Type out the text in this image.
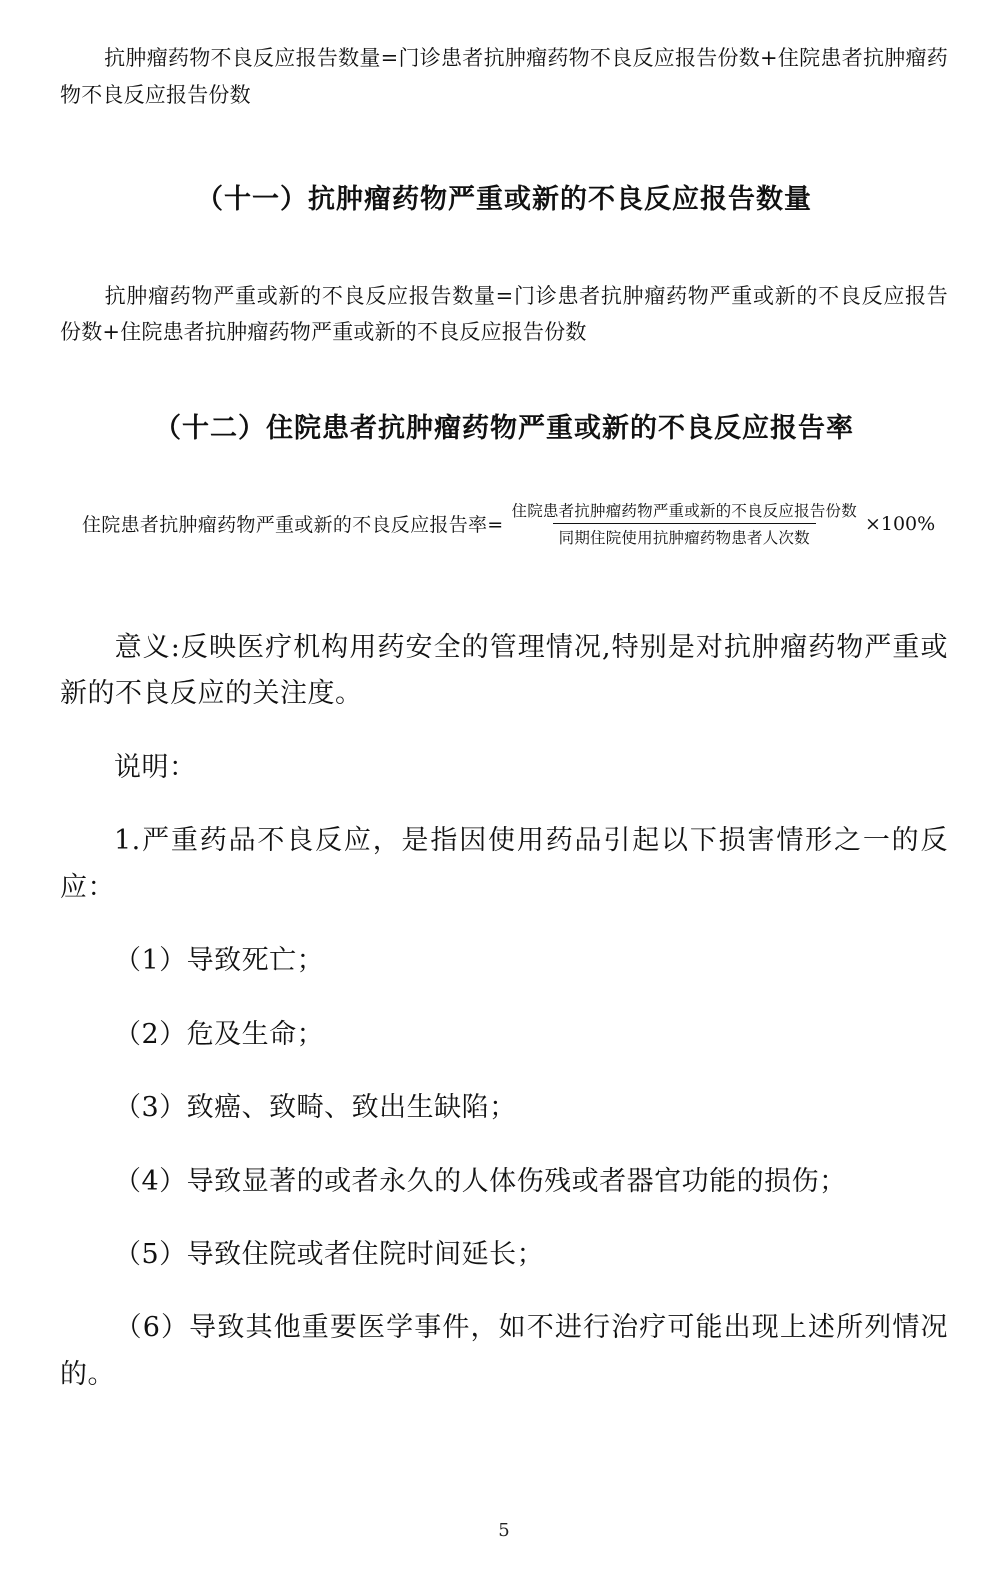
抗肿瘤药物不良反应报告数量=门诊患者抗肿瘤药物不良反应报告份数+住院患者抗肿瘤药物不良反应报告份数

（十一）抗肿瘤药物严重或新的不良反应报告数量

抗肿瘤药物严重或新的不良反应报告数量=门诊患者抗肿瘤药物严重或新的不良反应报告份数+住院患者抗肿瘤药物严重或新的不良反应报告份数

（十二）住院患者抗肿瘤药物严重或新的不良反应报告率
住院患者抗肿瘤药物严重或新的不良反应报告率= $\frac{\text{住院患者抗肿瘤药物严重或新的不良反应报告份数}}{\text{同期住院使用抗肿瘤药物患者人次数}} \times 100\%$

意义:反映医疗机构用药安全的管理情况,特别是对抗肿瘤药物严重或新的不良反应的关注度。

说明：

1.严重药品不良反应，是指因使用药品引起以下损害情形之一的反应：

（1）导致死亡；

（2）危及生命；

（3）致癌、致畸、致出生缺陷；

（4）导致显著的或者永久的人体伤残或者器官功能的损伤；

（5）导致住院或者住院时间延长；

（6）导致其他重要医学事件，如不进行治疗可能出现上述所列情况的。

5
